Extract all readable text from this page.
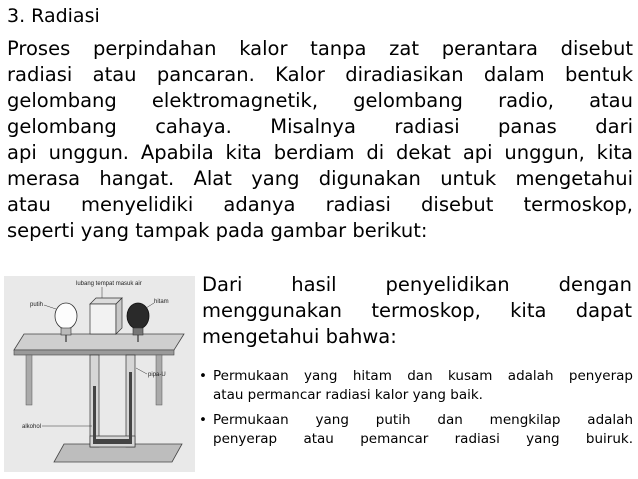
3. Radiasi
Proses perpindahan kalor tanpa zat perantara disebut
radiasi atau pancaran. Kalor diradiasikan dalam bentuk
gelombang elektromagnetik, gelombang radio, atau
gelombang cahaya. Misalnya radiasi panas dari
api unggun. Apabila kita berdiam di dekat api unggun, kita
merasa hangat. Alat yang digunakan untuk mengetahui
atau menyelidiki adanya radiasi disebut termoskop,
seperti yang tampak pada gambar berikut:
lubang tempat masuk air
putih	hitam
pipa-U
alkohol
Dari hasil penyelidikan dengan
menggunakan termoskop, kita dapat
mengetahui bahwa:
• Permukaan yang hitam dan kusam adalah penyerap
atau permancar radiasi kalor yang baik.
• Permukaan yang putih dan mengkilap adalah
penyerap atau pemancar radiasi yang buiruk.
